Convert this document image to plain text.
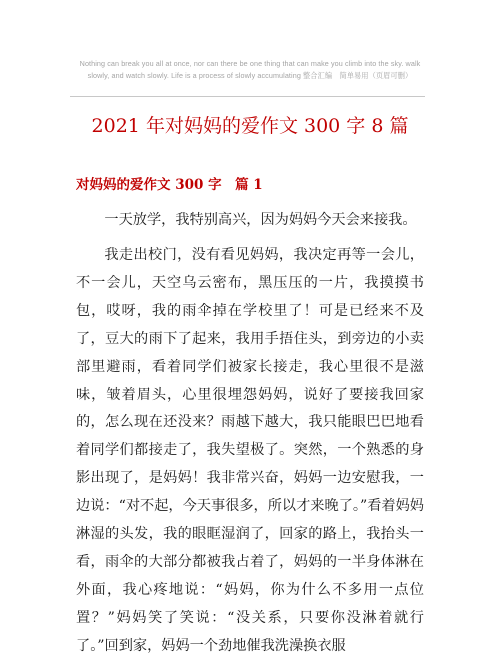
Nothing can break you all at once, nor can there be one thing that can make you climb into the sky. walk slowly, and watch slowly. Life is a process of slowly accumulating 整合汇编　简单易用（页眉可删）
2021 年对妈妈的爱作文 300 字 8 篇
对妈妈的爱作文 300 字　篇 1

一天放学，我特别高兴，因为妈妈今天会来接我。

我走出校门，没有看见妈妈，我决定再等一会儿，不一会儿，天空乌云密布，黑压压的一片，我摸摸书包，哎呀，我的雨伞掉在学校里了！可是已经来不及了，豆大的雨下了起来，我用手捂住头，到旁边的小卖部里避雨，看着同学们被家长接走，我心里很不是滋味，皱着眉头，心里很埋怨妈妈，说好了要接我回家的，怎么现在还没来？雨越下越大，我只能眼巴巴地看着同学们都接走了，我失望极了。突然，一个熟悉的身影出现了，是妈妈！我非常兴奋，妈妈一边安慰我，一边说：“对不起，今天事很多，所以才来晚了。”看着妈妈淋湿的头发，我的眼眶湿润了，回家的路上，我抬头一看，雨伞的大部分都被我占着了，妈妈的一半身体淋在外面，我心疼地说：“妈妈，你为什么不多用一点位置？”妈妈笑了笑说：“没关系，只要你没淋着就行了。”回到家，妈妈一个劲地催我洗澡换衣服
